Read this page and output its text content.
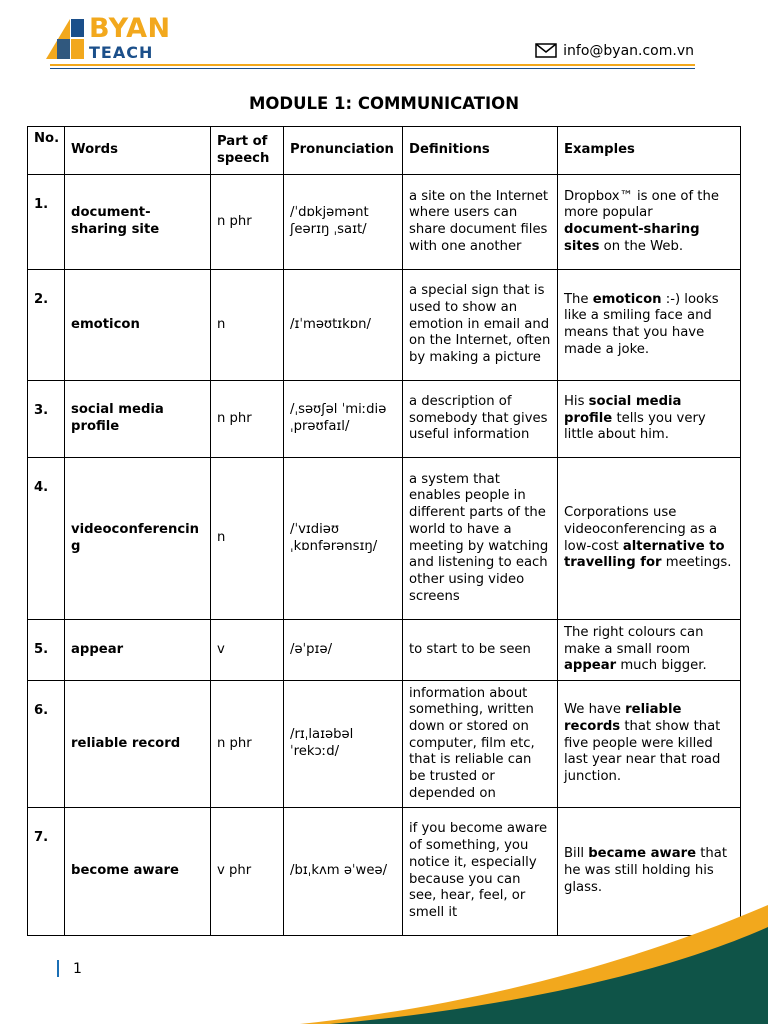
BYAN
TEACH	info@byan.com.vn
MODULE 1: COMMUNICATION
No.	Words	Part of speech	Pronunciation	Definitions	Examples
1.	document-sharing site	n phr	/ˈdɒkjəmənt ʃeərɪŋ ˌsaɪt/	a site on the Internet where users can share document files with one another	Dropbox™ is one of the more popular document-sharing sites on the Web.
2.	emoticon	n	/ɪˈməʊtɪkɒn/	a special sign that is used to show an emotion in email and on the Internet, often by making a picture	The emoticon :-) looks like a smiling face and means that you have made a joke.
3.	social media profile	n phr	/ˌsəʊʃəl ˈmiːdiə ˌprəʊfaɪl/	a description of somebody that gives useful information	His social media profile tells you very little about him.
4.	videoconferencing	n	/ˈvɪdiəʊ ˌkɒnfərənsɪŋ/	a system that enables people in different parts of the world to have a meeting by watching and listening to each other using video screens	Corporations use videoconferencing as a low-cost alternative to travelling for meetings.
5.	appear	v	/əˈpɪə/	to start to be seen	The right colours can make a small room appear much bigger.
6.	reliable record	n phr	/rɪˌlaɪəbəl ˈrekɔːd/	information about something, written down or stored on computer, film etc, that is reliable can be trusted or depended on	We have reliable records that show that five people were killed last year near that road junction.
7.	become aware	v phr	/bɪˌkʌm əˈweə/	if you become aware of something, you notice it, especially because you can see, hear, feel, or smell it	Bill became aware that he was still holding his glass.
1
